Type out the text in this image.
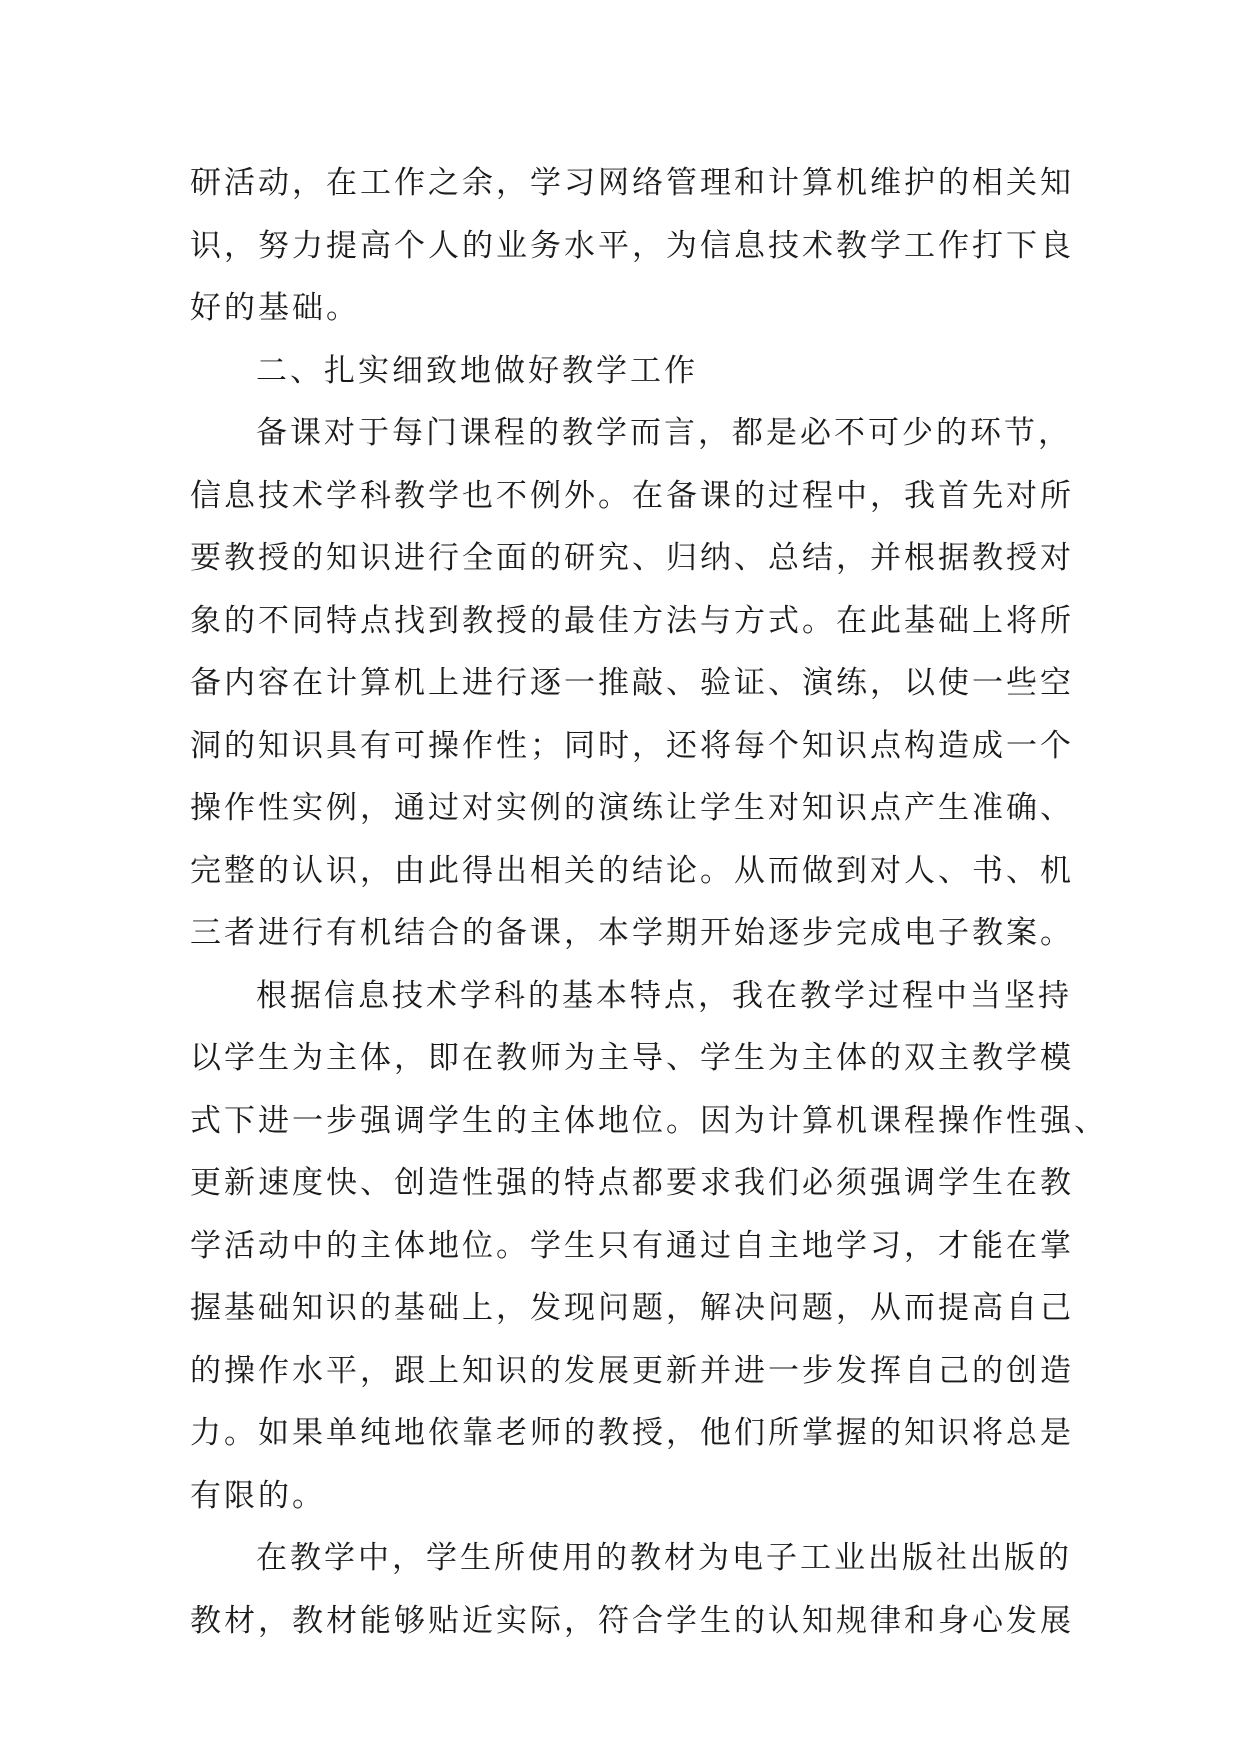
研活动，在工作之余，学习网络管理和计算机维护的相关知
识，努力提高个人的业务水平，为信息技术教学工作打下良
好的基础。
二、扎实细致地做好教学工作
备课对于每门课程的教学而言，都是必不可少的环节，
信息技术学科教学也不例外。在备课的过程中，我首先对所
要教授的知识进行全面的研究、归纳、总结，并根据教授对
象的不同特点找到教授的最佳方法与方式。在此基础上将所
备内容在计算机上进行逐一推敲、验证、演练，以使一些空
洞的知识具有可操作性；同时，还将每个知识点构造成一个
操作性实例，通过对实例的演练让学生对知识点产生准确、
完整的认识，由此得出相关的结论。从而做到对人、书、机
三者进行有机结合的备课，本学期开始逐步完成电子教案。
根据信息技术学科的基本特点，我在教学过程中当坚持
以学生为主体，即在教师为主导、学生为主体的双主教学模
式下进一步强调学生的主体地位。因为计算机课程操作性强、
更新速度快、创造性强的特点都要求我们必须强调学生在教
学活动中的主体地位。学生只有通过自主地学习，才能在掌
握基础知识的基础上，发现问题，解决问题，从而提高自己
的操作水平，跟上知识的发展更新并进一步发挥自己的创造
力。如果单纯地依靠老师的教授，他们所掌握的知识将总是
有限的。
在教学中，学生所使用的教材为电子工业出版社出版的
教材，教材能够贴近实际，符合学生的认知规律和身心发展
